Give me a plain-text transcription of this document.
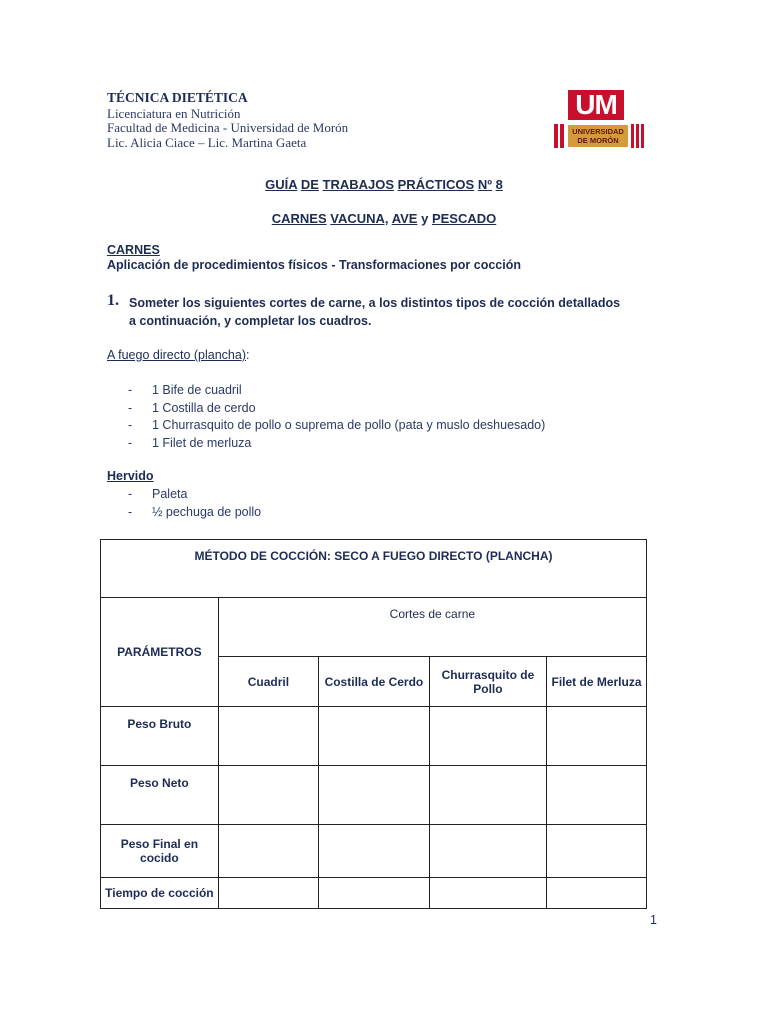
TÉCNICA DIETÉTICA
Licenciatura en Nutrición
Facultad de Medicina - Universidad de Morón
Lic. Alicia Ciace – Lic. Martina Gaeta
UM
UNIVERSIDAD
DE MORÓN
GUÍA DE TRABAJOS PRÁCTICOS Nº 8
CARNES VACUNA, AVE y PESCADO
CARNES
Aplicación de procedimientos físicos - Transformaciones por cocción
1. Someter los siguientes cortes de carne, a los distintos tipos de cocción detallados a continuación, y completar los cuadros.
A fuego directo (plancha):
- 1 Bife de cuadril
- 1 Costilla de cerdo
- 1 Churrasquito de pollo o suprema de pollo (pata y muslo deshuesado)
- 1 Filet de merluza
Hervido
- Paleta
- ½ pechuga de pollo
MÉTODO DE COCCIÓN: SECO A FUEGO DIRECTO (PLANCHA)				
PARÁMETROS	Cortes de carne			
	Cuadril	Costilla de Cerdo	Churrasquito de Pollo	Filet de Merluza
Peso Bruto				
Peso Neto				
Peso Final en cocido				
Tiempo de cocción				
1
